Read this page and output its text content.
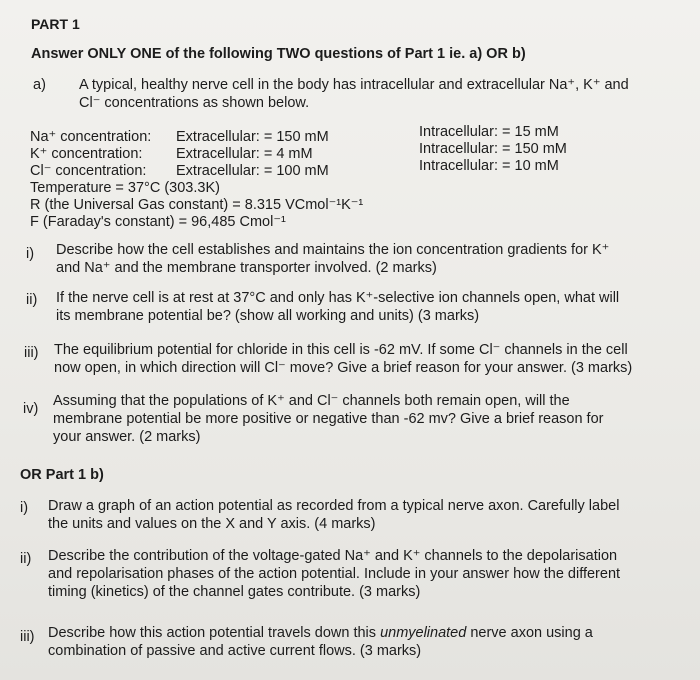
PART 1
Answer ONLY ONE of the following TWO questions of Part 1 ie. a) OR b)
a) A typical, healthy nerve cell in the body has intracellular and extracellular Na⁺, K⁺ and
Cl⁻ concentrations as shown below.
Na⁺ concentration: Extracellular: = 150 mM	Intracellular: = 15 mM
K⁺ concentration: Extracellular: = 4 mM	Intracellular: = 150 mM
Cl⁻ concentration: Extracellular: = 100 mM	Intracellular: = 10 mM
Temperature = 37°C (303.3K)
R (the Universal Gas constant) = 8.315 VCmol⁻¹K⁻¹
F (Faraday's constant) = 96,485 Cmol⁻¹
i) Describe how the cell establishes and maintains the ion concentration gradients for K⁺
and Na⁺ and the membrane transporter involved. (2 marks)
ii) If the nerve cell is at rest at 37°C and only has K⁺-selective ion channels open, what will
its membrane potential be? (show all working and units) (3 marks)
iii) The equilibrium potential for chloride in this cell is -62 mV. If some Cl⁻ channels in the cell
now open, in which direction will Cl⁻ move? Give a brief reason for your answer. (3 marks)
iv) Assuming that the populations of K⁺ and Cl⁻ channels both remain open, will the
membrane potential be more positive or negative than -62 mv? Give a brief reason for
your answer. (2 marks)
OR Part 1 b)
i) Draw a graph of an action potential as recorded from a typical nerve axon. Carefully label
the units and values on the X and Y axis. (4 marks)
ii) Describe the contribution of the voltage-gated Na⁺ and K⁺ channels to the depolarisation
and repolarisation phases of the action potential. Include in your answer how the different
timing (kinetics) of the channel gates contribute. (3 marks)
iii) Describe how this action potential travels down this unmyelinated nerve axon using a
combination of passive and active current flows. (3 marks)
